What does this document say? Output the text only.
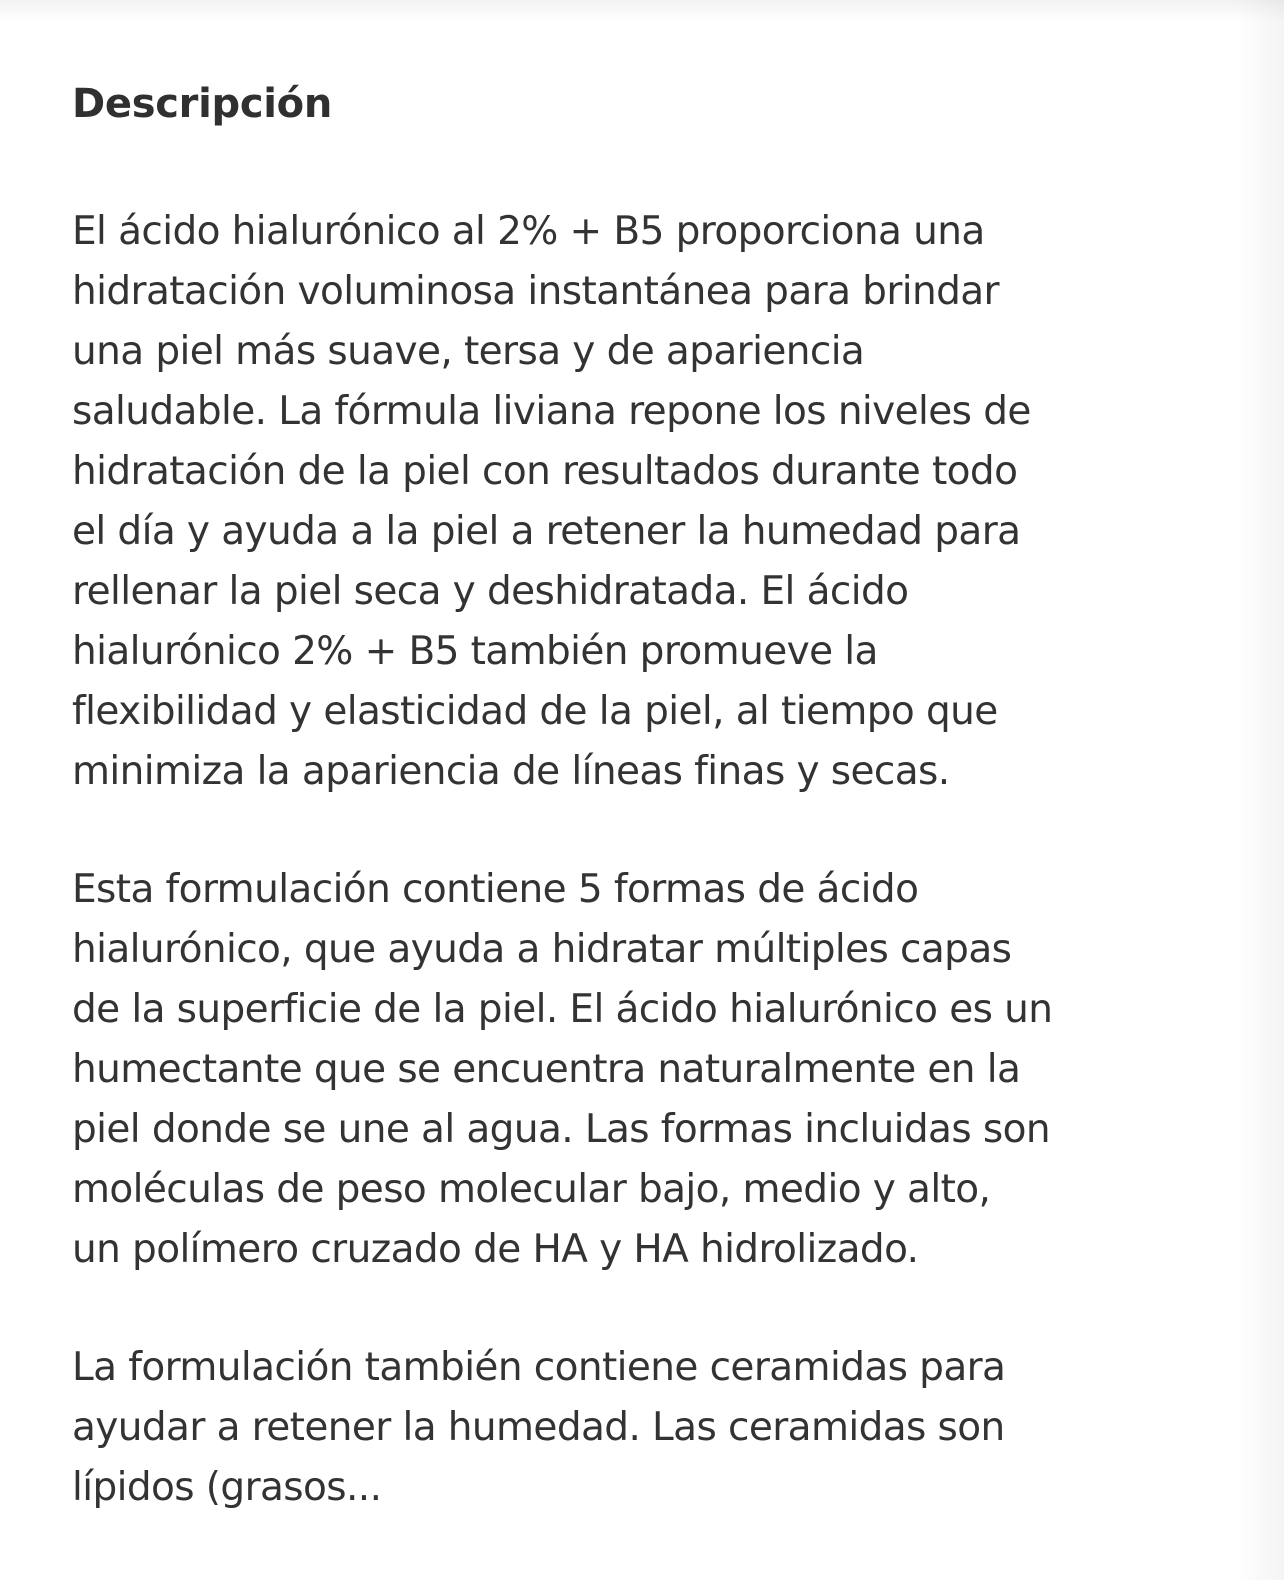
Descripción

El ácido hialurónico al 2% + B5 proporciona una
hidratación voluminosa instantánea para brindar
una piel más suave, tersa y de apariencia
saludable. La fórmula liviana repone los niveles de
hidratación de la piel con resultados durante todo
el día y ayuda a la piel a retener la humedad para
rellenar la piel seca y deshidratada. El ácido
hialurónico 2% + B5 también promueve la
flexibilidad y elasticidad de la piel, al tiempo que
minimiza la apariencia de líneas finas y secas.

Esta formulación contiene 5 formas de ácido
hialurónico, que ayuda a hidratar múltiples capas
de la superficie de la piel. El ácido hialurónico es un
humectante que se encuentra naturalmente en la
piel donde se une al agua. Las formas incluidas son
moléculas de peso molecular bajo, medio y alto,
un polímero cruzado de HA y HA hidrolizado.

La formulación también contiene ceramidas para
ayudar a retener la humedad. Las ceramidas son
lípidos (grasos...
